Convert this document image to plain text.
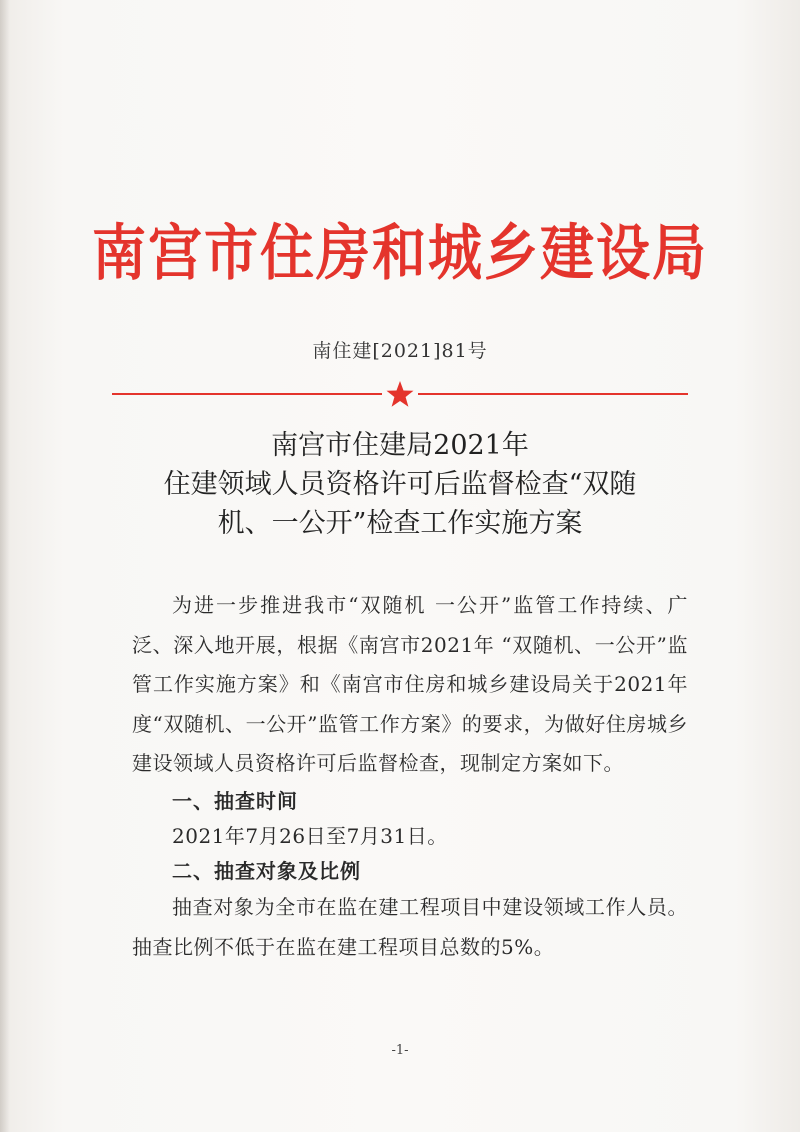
南宫市住房和城乡建设局
南住建[2021]81号
南宫市住建局2021年
住建领域人员资格许可后监督检查“双随
机、一公开”检查工作实施方案

为进一步推进我市“双随机 一公开”监管工作持续、广泛、深入地开展，根据《南宫市2021年 “双随机、一公开”监管工作实施方案》和《南宫市住房和城乡建设局关于2021年度“双随机、一公开”监管工作方案》的要求，为做好住房城乡建设领域人员资格许可后监督检查，现制定方案如下。

一、抽查时间

2021年7月26日至7月31日。

二、抽查对象及比例

抽查对象为全市在监在建工程项目中建设领域工作人员。抽查比例不低于在监在建工程项目总数的5%。

-1-
